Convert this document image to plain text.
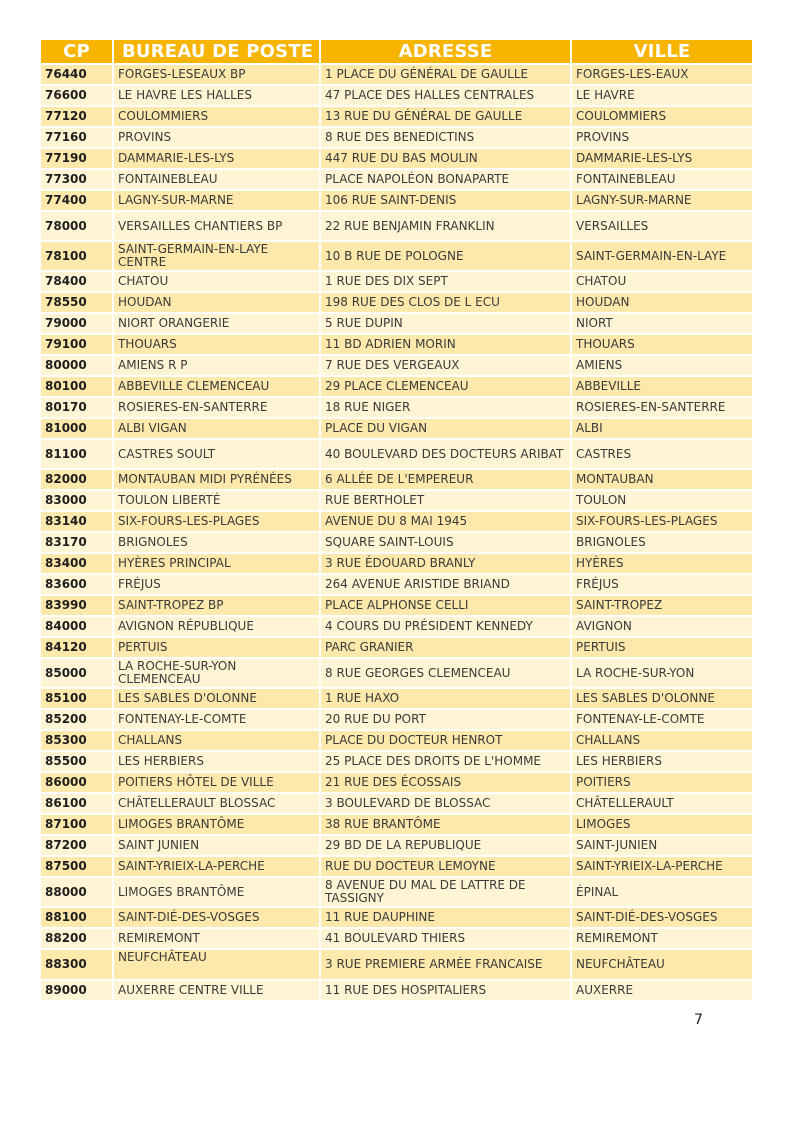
CP	BUREAU DE POSTE	ADRESSE	VILLE
76440	FORGES-LESEAUX BP	1 PLACE DU GÉNÉRAL DE GAULLE	FORGES-LES-EAUX
76600	LE HAVRE LES HALLES	47 PLACE DES HALLES CENTRALES	LE HAVRE
77120	COULOMMIERS	13 RUE DU GÉNÉRAL DE GAULLE	COULOMMIERS
77160	PROVINS	8 RUE DES BENEDICTINS	PROVINS
77190	DAMMARIE-LES-LYS	447 RUE DU BAS MOULIN	DAMMARIE-LES-LYS
77300	FONTAINEBLEAU	PLACE NAPOLÉON BONAPARTE	FONTAINEBLEAU
77400	LAGNY-SUR-MARNE	106 RUE SAINT-DENIS	LAGNY-SUR-MARNE
78000	VERSAILLES CHANTIERS BP	22 RUE BENJAMIN FRANKLIN	VERSAILLES
78100	SAINT-GERMAIN-EN-LAYE CENTRE	10 B RUE DE POLOGNE	SAINT-GERMAIN-EN-LAYE
78400	CHATOU	1 RUE DES DIX SEPT	CHATOU
78550	HOUDAN	198 RUE DES CLOS DE L ECU	HOUDAN
79000	NIORT ORANGERIE	5 RUE DUPIN	NIORT
79100	THOUARS	11 BD ADRIEN MORIN	THOUARS
80000	AMIENS R P	7 RUE DES VERGEAUX	AMIENS
80100	ABBEVILLE CLEMENCEAU	29 PLACE CLEMENCEAU	ABBEVILLE
80170	ROSIERES-EN-SANTERRE	18 RUE NIGER	ROSIERES-EN-SANTERRE
81000	ALBI VIGAN	PLACE DU VIGAN	ALBI
81100	CASTRES SOULT	40 BOULEVARD DES DOCTEURS ARIBAT	CASTRES
82000	MONTAUBAN MIDI PYRÉNÉES	6 ALLÉE DE L'EMPEREUR	MONTAUBAN
83000	TOULON LIBERTÉ	RUE BERTHOLET	TOULON
83140	SIX-FOURS-LES-PLAGES	AVENUE DU 8 MAI 1945	SIX-FOURS-LES-PLAGES
83170	BRIGNOLES	SQUARE SAINT-LOUIS	BRIGNOLES
83400	HYÈRES PRINCIPAL	3 RUE ÉDOUARD BRANLY	HYÈRES
83600	FRÉJUS	264 AVENUE ARISTIDE BRIAND	FRÉJUS
83990	SAINT-TROPEZ BP	PLACE ALPHONSE CELLI	SAINT-TROPEZ
84000	AVIGNON RÉPUBLIQUE	4 COURS DU PRÉSIDENT KENNEDY	AVIGNON
84120	PERTUIS	PARC GRANIER	PERTUIS
85000	LA ROCHE-SUR-YON CLEMENCEAU	8 RUE GEORGES CLEMENCEAU	LA ROCHE-SUR-YON
85100	LES SABLES D'OLONNE	1 RUE HAXO	LES SABLES D'OLONNE
85200	FONTENAY-LE-COMTE	20 RUE DU PORT	FONTENAY-LE-COMTE
85300	CHALLANS	PLACE DU DOCTEUR HENROT	CHALLANS
85500	LES HERBIERS	25 PLACE DES DROITS DE L'HOMME	LES HERBIERS
86000	POITIERS HÔTEL DE VILLE	21 RUE DES ÉCOSSAIS	POITIERS
86100	CHÂTELLERAULT BLOSSAC	3 BOULEVARD DE BLOSSAC	CHÂTELLERAULT
87100	LIMOGES BRANTÔME	38 RUE BRANTÔME	LIMOGES
87200	SAINT JUNIEN	29 BD DE LA REPUBLIQUE	SAINT-JUNIEN
87500	SAINT-YRIEIX-LA-PERCHE	RUE DU DOCTEUR LEMOYNE	SAINT-YRIEIX-LA-PERCHE
88000	LIMOGES BRANTÔME	8 AVENUE DU MAL DE LATTRE DE TASSIGNY	ÉPINAL
88100	SAINT-DIÉ-DES-VOSGES	11 RUE DAUPHINE	SAINT-DIÉ-DES-VOSGES
88200	REMIREMONT	41 BOULEVARD THIERS	REMIREMONT
88300	NEUFCHÂTEAU	3 RUE PREMIERE ARMÉE FRANCAISE	NEUFCHÂTEAU
89000	AUXERRE CENTRE VILLE	11 RUE DES HOSPITALIERS	AUXERRE
7
